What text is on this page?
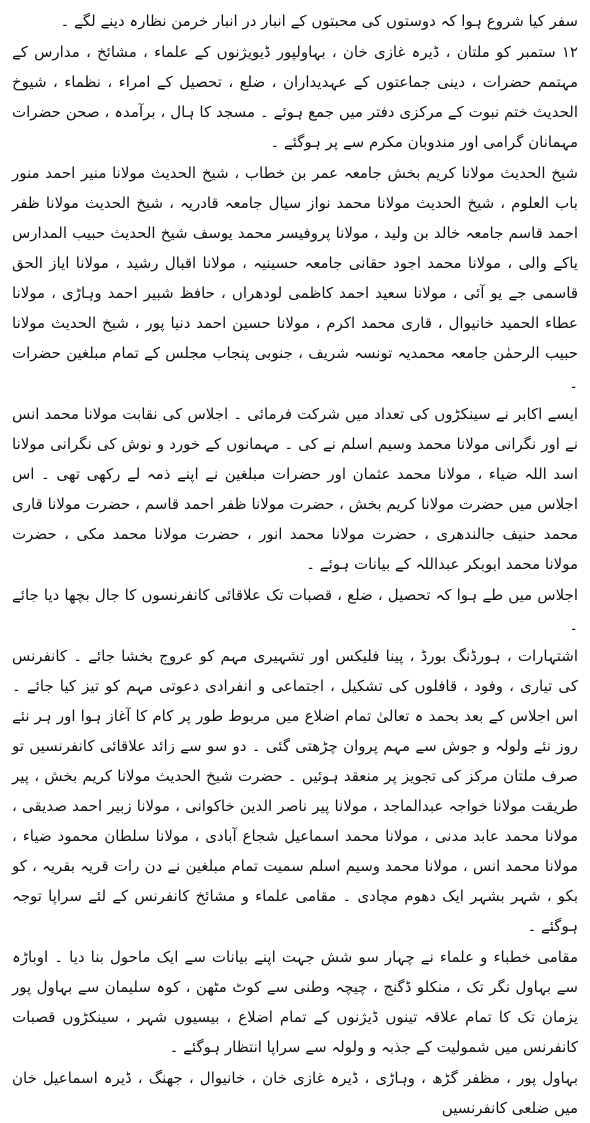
سفر کیا شروع ہوا کہ دوستوں کی محبتوں کے انبار در انبار خرمن نظارہ دینے لگے ۔

۱۲ ستمبر کو ملتان ، ڈیرہ غازی خان ، بہاولپور ڈیویژنوں کے علماء ، مشائخ ، مدارس کے مہتمم حضرات ، دینی جماعتوں کے عہدیداران ، ضلع ، تحصیل کے امراء ، نظماء ، شیوخ الحدیث ختم نبوت کے مرکزی دفتر میں جمع ہوئے ۔ مسجد کا ہال ، برآمدہ ، صحن حضرات مہمانان گرامی اور مندوبان مکرم سے پر ہوگئے ۔

شیخ الحدیث مولانا کریم بخش جامعہ عمر بن خطاب ، شیخ الحدیث مولانا منیر احمد منور باب العلوم ، شیخ الحدیث مولانا محمد نواز سیال جامعہ قادریہ ، شیخ الحدیث مولانا ظفر احمد قاسم جامعہ خالد بن ولید ، مولانا پروفیسر محمد یوسف شیخ الحدیث حبیب المدارس یاکے والی ، مولانا محمد اجود حقانی جامعہ حسینیہ ، مولانا اقبال رشید ، مولانا ایاز الحق قاسمی جے یو آئی ، مولانا سعید احمد کاظمی لودھراں ، حافظ شبیر احمد وہاڑی ، مولانا عطاء الحمید خانیوال ، قاری محمد اکرم ، مولانا حسین احمد دنیا پور ، شیخ الحدیث مولانا حبیب الرحمٰن جامعہ محمدیہ تونسہ شریف ، جنوبی پنجاب مجلس کے تمام مبلغین حضرات ۔

ایسے اکابر نے سینکڑوں کی تعداد میں شرکت فرمائی ۔ اجلاس کی نقابت مولانا محمد انس نے اور نگرانی مولانا محمد وسیم اسلم نے کی ۔ مہمانوں کے خورد و نوش کی نگرانی مولانا اسد اللہ ضیاء ، مولانا محمد عثمان اور حضرات مبلغین نے اپنے ذمہ لے رکھی تھی ۔ اس اجلاس میں حضرت مولانا کریم بخش ، حضرت مولانا ظفر احمد قاسم ، حضرت مولانا قاری محمد حنیف جالندھری ، حضرت مولانا محمد انور ، حضرت مولانا محمد مکی ، حضرت مولانا محمد ابوبکر عبداللہ کے بیانات ہوئے ۔

اجلاس میں طے ہوا کہ تحصیل ، ضلع ، قصبات تک علاقائی کانفرنسوں کا جال بچھا دیا جائے ۔

اشتہارات ، ہورڈنگ بورڈ ، پینا فلیکس اور تشہیری مہم کو عروج بخشا جائے ۔ کانفرنس کی تیاری ، وفود ، قافلوں کی تشکیل ، اجتماعی و انفرادی دعوتی مہم کو تیز کیا جائے ۔ اس اجلاس کے بعد بحمد ہ تعالیٰ تمام اضلاع میں مربوط طور پر کام کا آغاز ہوا اور ہر نئے روز نئے ولولہ و جوش سے مہم پروان چڑھتی گئی ۔ دو سو سے زائد علاقائی کانفرنسیں تو صرف ملتان مرکز کی تجویز پر منعقد ہوئیں ۔ حضرت شیخ الحدیث مولانا کریم بخش ، پیر طریقت مولانا خواجہ عبدالماجد ، مولانا پیر ناصر الدین خاکوانی ، مولانا زبیر احمد صدیقی ، مولانا محمد عابد مدنی ، مولانا محمد اسماعیل شجاع آبادی ، مولانا سلطان محمود ضیاء ، مولانا محمد انس ، مولانا محمد وسیم اسلم سمیت تمام مبلغین نے دن رات قریہ بقریہ ، کو بکو ، شہر بشہر ایک دھوم مچادی ۔ مقامی علماء و مشائخ کانفرنس کے لئے سراپا توجہ ہوگئے ۔

مقامی خطباء و علماء نے چہار سو شش جہت اپنے بیانات سے ایک ماحول بنا دیا ۔ اوباڑہ سے بہاول نگر تک ، منکلو ڈگنج ، چیچہ وطنی سے کوٹ مٹھن ، کوہ سلیمان سے بہاول پور یزمان تک کا تمام علاقہ تینوں ڈیژنوں کے تمام اضلاع ، بیسیوں شہر ، سینکڑوں قصبات کانفرنس میں شمولیت کے جذبہ و ولولہ سے سراپا انتظار ہوگئے ۔

بہاول پور ، مظفر گڑھ ، وہاڑی ، ڈیرہ غازی خان ، خانیوال ، جھنگ ، ڈیرہ اسماعیل خان میں ضلعی کانفرنسیں
